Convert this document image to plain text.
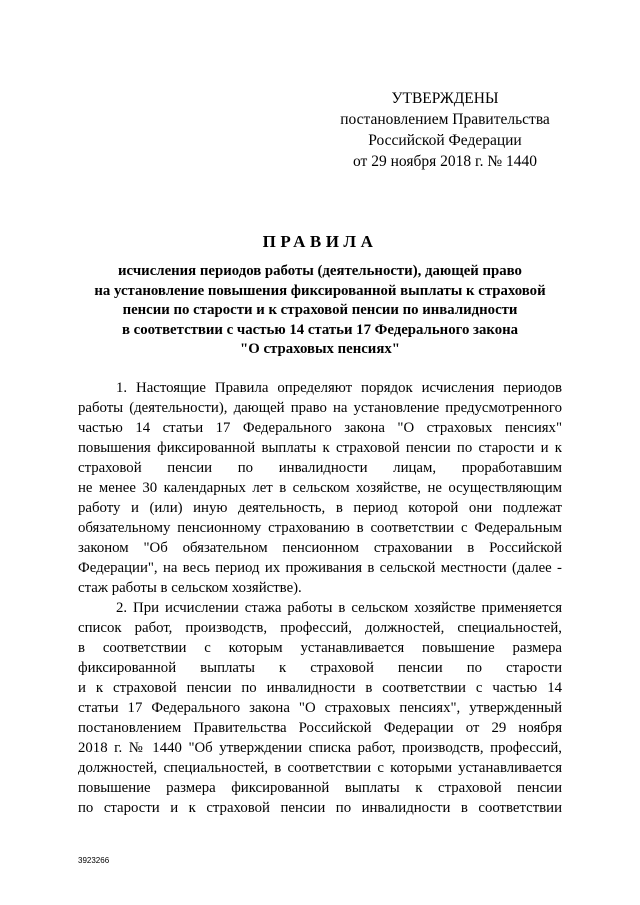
УТВЕРЖДЕНЫ
постановлением Правительства
Российской Федерации
от 29 ноября 2018 г. № 1440
ПРАВИЛА
исчисления периодов работы (деятельности), дающей право
на установление повышения фиксированной выплаты к страховой
пенсии по старости и к страховой пенсии по инвалидности
в соответствии с частью 14 статьи 17 Федерального закона
"О страховых пенсиях"
1. Настоящие Правила определяют порядок исчисления периодов
работы (деятельности), дающей право на установление предусмотренного
частью 14 статьи 17 Федерального закона "О страховых пенсиях"
повышения фиксированной выплаты к страховой пенсии по старости и к
страховой пенсии по инвалидности лицам, проработавшим
не менее 30 календарных лет в сельском хозяйстве, не осуществляющим
работу и (или) иную деятельность, в период которой они подлежат
обязательному пенсионному страхованию в соответствии с Федеральным
законом "Об обязательном пенсионном страховании в Российской
Федерации", на весь период их проживания в сельской местности (далее -
стаж работы в сельском хозяйстве).
2. При исчислении стажа работы в сельском хозяйстве применяется
список работ, производств, профессий, должностей, специальностей,
в соответствии с которым устанавливается повышение размера
фиксированной выплаты к страховой пенсии по старости
и к страховой пенсии по инвалидности в соответствии с частью 14
статьи 17 Федерального закона "О страховых пенсиях", утвержденный
постановлением Правительства Российской Федерации от 29 ноября
2018 г. № 1440 "Об утверждении списка работ, производств, профессий,
должностей, специальностей, в соответствии с которыми устанавливается
повышение размера фиксированной выплаты к страховой пенсии
по старости и к страховой пенсии по инвалидности в соответствии
3923266
